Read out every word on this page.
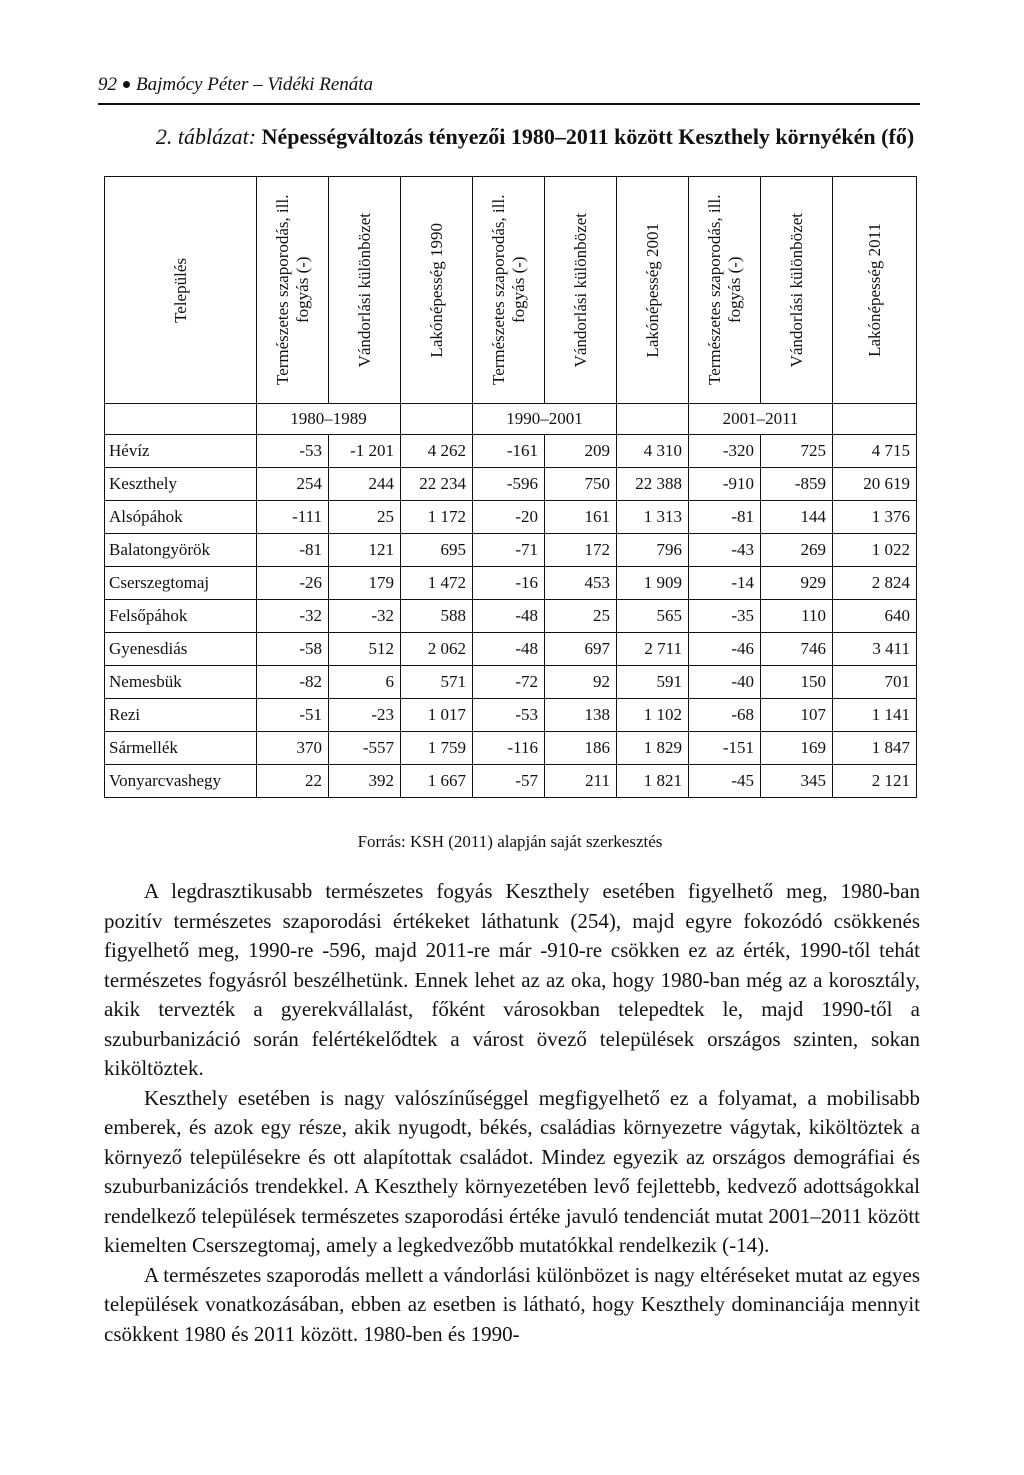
92 Bajmócy Péter – Vidéki Renáta
2. táblázat: Népességváltozás tényezői 1980–2011 között Keszthely környékén (fő)
Település	Természetes szaporodás, ill. fogyás (-)	Vándorlási különbözet	Lakónépesség 1990	Természetes szaporodás, ill. fogyás (-)	Vándorlási különbözet	Lakónépesség 2001	Természetes szaporodás, ill. fogyás (-)	Vándorlási különbözet	Lakónépesség 2011

	1980–1989			1990–2001			2001–2011		
Hévíz	-53	-1 201	4 262	-161	209	4 310	-320	725	4 715
Keszthely	254	244	22 234	-596	750	22 388	-910	-859	20 619
Alsópáhok	-111	25	1 172	-20	161	1 313	-81	144	1 376
Balatongyörök	-81	121	695	-71	172	796	-43	269	1 022
Cserszegtomaj	-26	179	1 472	-16	453	1 909	-14	929	2 824
Felsőpáhok	-32	-32	588	-48	25	565	-35	110	640
Gyenesdiás	-58	512	2 062	-48	697	2 711	-46	746	3 411
Nemesbük	-82	6	571	-72	92	591	-40	150	701
Rezi	-51	-23	1 017	-53	138	1 102	-68	107	1 141
Sármellék	370	-557	1 759	-116	186	1 829	-151	169	1 847
Vonyarcvashegy	22	392	1 667	-57	211	1 821	-45	345	2 121
Forrás: KSH (2011) alapján saját szerkesztés

A legdrasztikusabb természetes fogyás Keszthely esetében figyelhető meg, 1980-ban pozitív természetes szaporodási értékeket láthatunk (254), majd egyre fokozódó csökkenés figyelhető meg, 1990-re -596, majd 2011-re már -910-re csökken ez az érték, 1990-től tehát természetes fogyásról beszélhetünk. Ennek lehet az az oka, hogy 1980-ban még az a korosztály, akik tervezték a gyerekvállalást, főként városokban telepedtek le, majd 1990-től a szuburbanizáció során felértékelődtek a várost övező települések országos szinten, sokan kiköltöztek.

Keszthely esetében is nagy valószínűséggel megfigyelhető ez a folyamat, a mobilisabb emberek, és azok egy része, akik nyugodt, békés, családias környezetre vágytak, kiköltöztek a környező településekre és ott alapítottak családot. Mindez egyezik az országos demográfiai és szuburbanizációs trendekkel. A Keszthely környezetében levő fejlettebb, kedvező adottságokkal rendelkező települések természetes szaporodási értéke javuló tendenciát mutat 2001–2011 között kiemelten Cserszegtomaj, amely a legkedvezőbb mutatókkal rendelkezik (-14).

A természetes szaporodás mellett a vándorlási különbözet is nagy eltéréseket mutat az egyes települések vonatkozásában, ebben az esetben is látható, hogy Keszthely dominanciája mennyit csökkent 1980 és 2011 között. 1980-ben és 1990-
